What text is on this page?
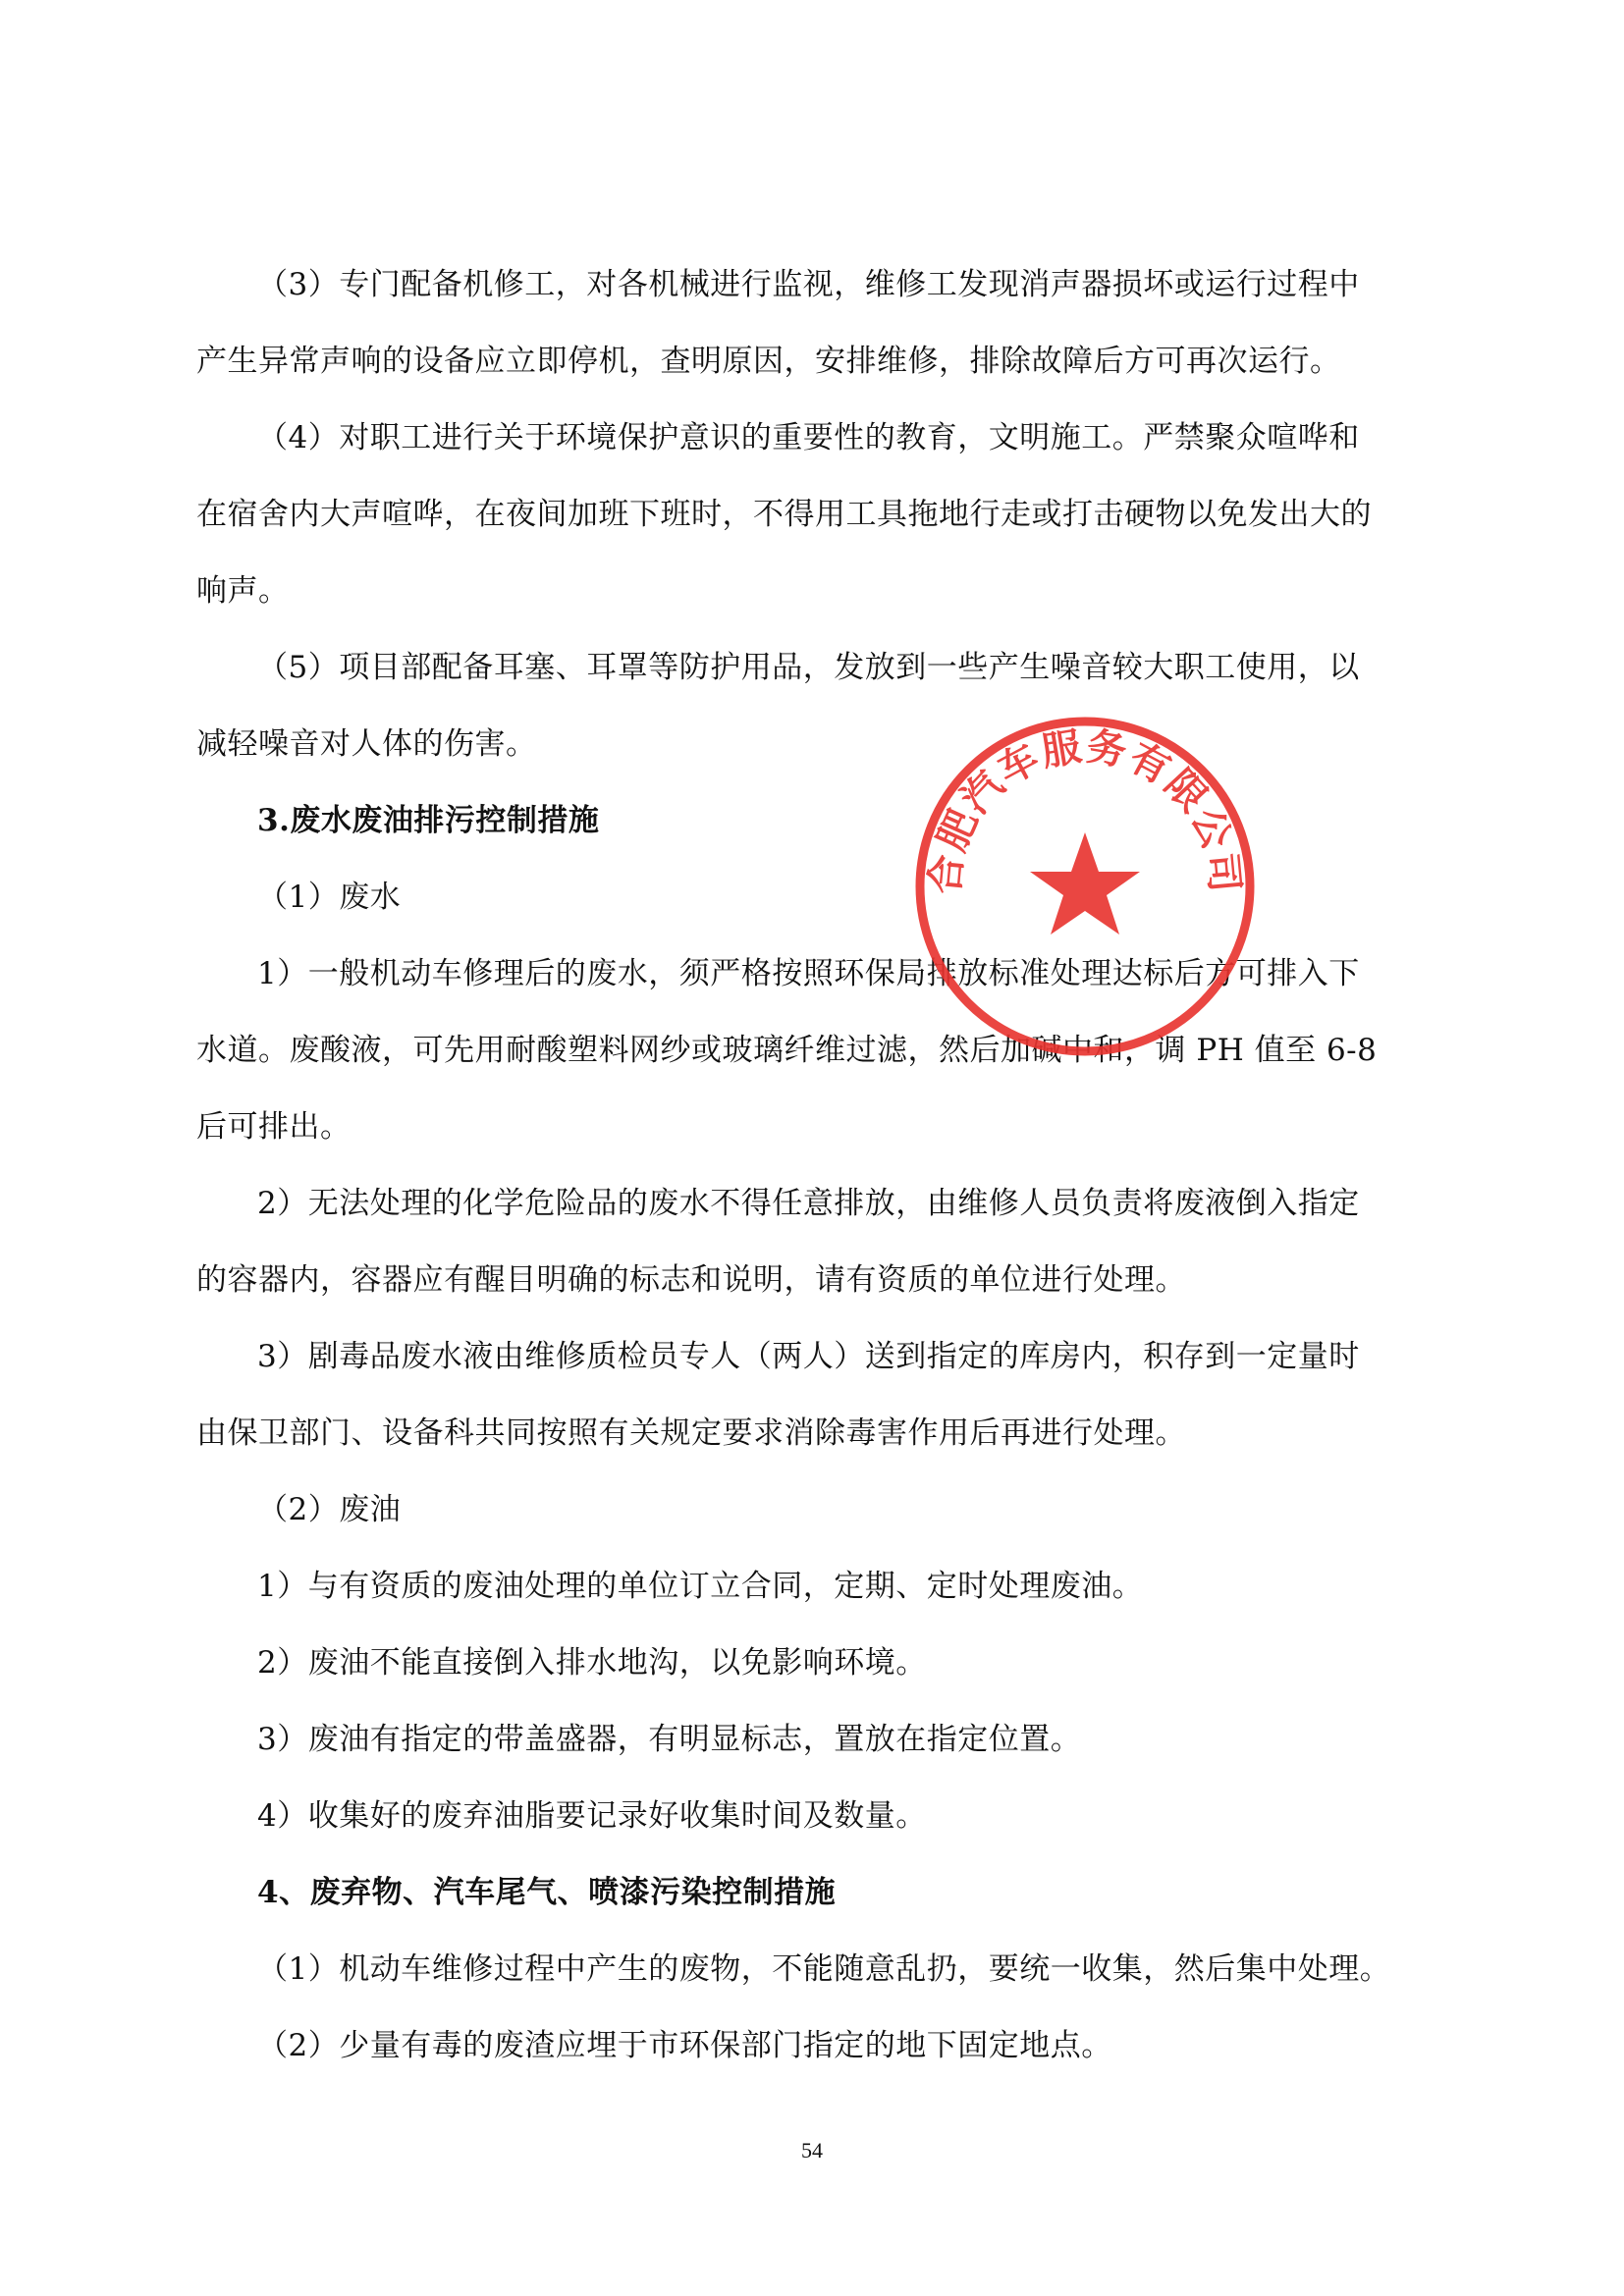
（3）专门配备机修工，对各机械进行监视，维修工发现消声器损坏或运行过程中
产生异常声响的设备应立即停机，查明原因，安排维修，排除故障后方可再次运行。
（4）对职工进行关于环境保护意识的重要性的教育，文明施工。严禁聚众喧哗和
在宿舍内大声喧哗，在夜间加班下班时，不得用工具拖地行走或打击硬物以免发出大的
响声。
（5）项目部配备耳塞、耳罩等防护用品，发放到一些产生噪音较大职工使用，以
减轻噪音对人体的伤害。
3.废水废油排污控制措施
（1）废水
1）一般机动车修理后的废水，须严格按照环保局排放标准处理达标后方可排入下
水道。废酸液，可先用耐酸塑料网纱或玻璃纤维过滤，然后加碱中和，调 PH 值至 6-8
后可排出。
2）无法处理的化学危险品的废水不得任意排放，由维修人员负责将废液倒入指定
的容器内，容器应有醒目明确的标志和说明，请有资质的单位进行处理。
3）剧毒品废水液由维修质检员专人（两人）送到指定的库房内，积存到一定量时
由保卫部门、设备科共同按照有关规定要求消除毒害作用后再进行处理。
（2）废油
1）与有资质的废油处理的单位订立合同，定期、定时处理废油。
2）废油不能直接倒入排水地沟，以免影响环境。
3）废油有指定的带盖盛器，有明显标志，置放在指定位置。
4）收集好的废弃油脂要记录好收集时间及数量。
4、废弃物、汽车尾气、喷漆污染控制措施
（1）机动车维修过程中产生的废物，不能随意乱扔，要统一收集，然后集中处理。
（2）少量有毒的废渣应埋于市环保部门指定的地下固定地点。
54
合肥汽车服务有限公司
